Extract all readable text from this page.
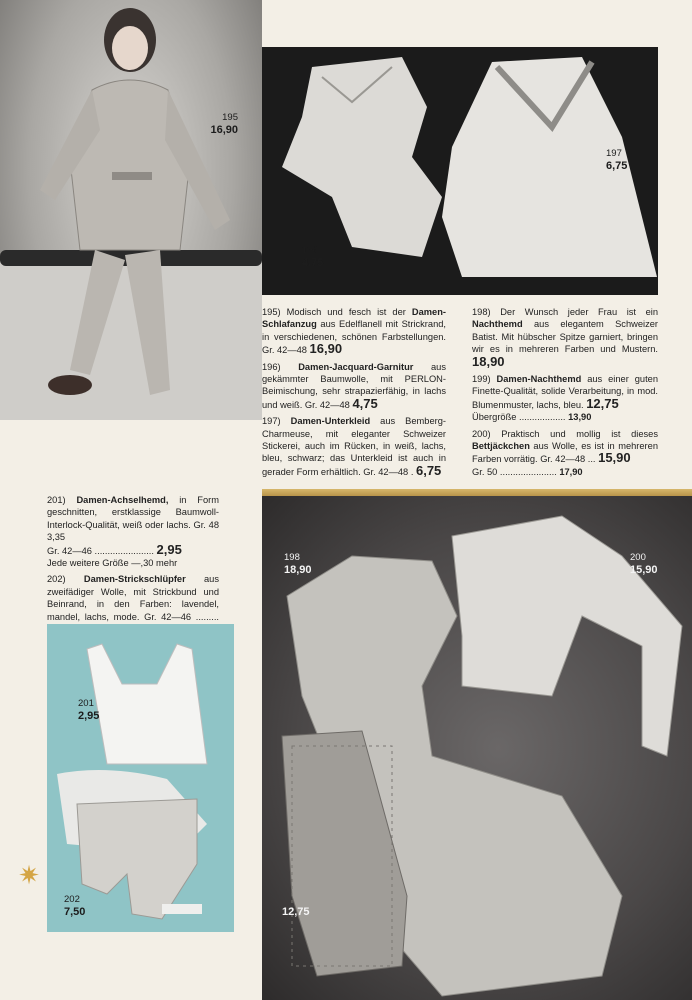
195
16,90
196
4,75
197
6,75

195) Modisch und fesch ist der Damen-Schlafanzug aus Edelflanell mit Strickrand, in verschiedenen, schönen Farbstellungen. Gr. 42—48 16,90

196) Damen-Jacquard-Garnitur aus gekämmter Baumwolle, mit PERLON-Beimischung, sehr strapazierfähig, in lachs und weiß. Gr. 42—48 4,75

197) Damen-Unterkleid aus Bemberg-Charmeuse, mit eleganter Schweizer Stickerei, auch im Rücken, in weiß, lachs, bleu, schwarz; das Unterkleid ist auch in gerader Form erhältlich. Gr. 42—48 . 6,75

198) Der Wunsch jeder Frau ist ein Nachthemd aus elegantem Schweizer Batist. Mit hübscher Spitze garniert, bringen wir es in mehreren Farben und Mustern. 18,90

199) Damen-Nachthemd aus einer guten Finette-Qualität, solide Verarbeitung, in mod. Blumenmuster, lachs, bleu. 12,75
Übergröße .................. 13,90

200) Praktisch und mollig ist dieses Bettjäckchen aus Wolle, es ist in mehreren Farben vorrätig. Gr. 42—48 ... 15,90
Gr. 50 ...................... 17,90

201) Damen-Achselhemd, in Form geschnitten, erstklassige Baumwoll-Interlock-Qualität, weiß oder lachs. Gr. 48 3,35
Gr. 42—46 ....................... 2,95
Jede weitere Größe —,30 mehr

202) Damen-Strickschlüpfer aus zweifädiger Wolle, mit Strickbund und Beinrand, in den Farben: lavendel, mandel, lachs, mode. Gr. 42—46 .........

201
2,95
202
7,50
198
18,90
200
15,90
12,75
✷
